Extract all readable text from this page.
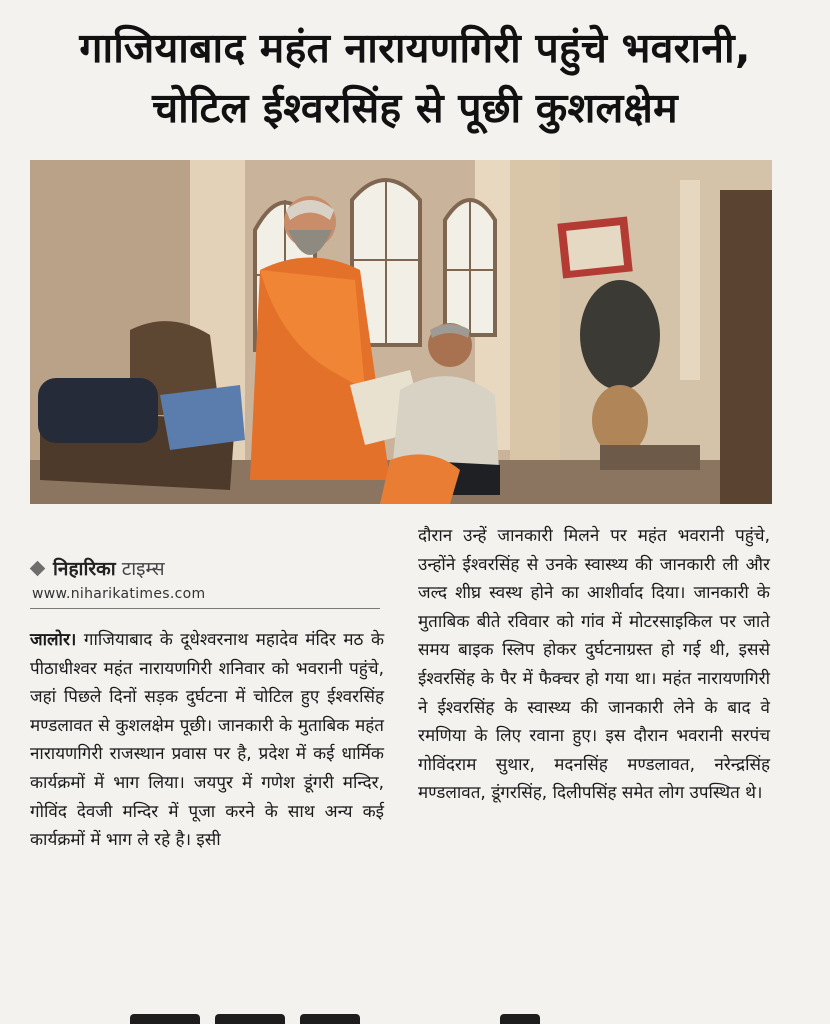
गाजियाबाद महंत नारायणगिरी पहुंचे भवरानी,
चोटिल ईश्वरसिंह से पूछी कुशलक्षेम
निहारिका टाइम्स
www.niharikatimes.com
जालोर। गाजियाबाद के दूधेश्वरनाथ महादेव मंदिर मठ के पीठाधीश्वर महंत नारायणगिरी शनिवार को भवरानी पहुंचे, जहां पिछले दिनों सड़क दुर्घटना में चोटिल हुए ईश्वरसिंह मण्डलावत से कुशलक्षेम पूछी। जानकारी के मुताबिक महंत नारायणगिरी राजस्थान प्रवास पर है, प्रदेश में कई धार्मिक कार्यक्रमों में भाग लिया। जयपुर में गणेश डूंगरी मन्दिर, गोविंद देवजी मन्दिर में पूजा करने के साथ अन्य कई कार्यक्रमों में भाग ले रहे है। इसी
दौरान उन्हें जानकारी मिलने पर महंत भवरानी पहुंचे, उन्होंने ईश्वरसिंह से उनके स्वास्थ्य की जानकारी ली और जल्द शीघ्र स्वस्थ होने का आशीर्वाद दिया। जानकारी के मुताबिक बीते रविवार को गांव में मोटरसाइकिल पर जाते समय बाइक स्लिप होकर दुर्घटनाग्रस्त हो गई थी, इससे ईश्वरसिंह के पैर में फैक्चर हो गया था। महंत नारायणगिरी ने ईश्वरसिंह के स्वास्थ्य की जानकारी लेने के बाद वे रमणिया के लिए रवाना हुए। इस दौरान भवरानी सरपंच गोविंदराम सुथार, मदनसिंह मण्डलावत, नरेन्द्रसिंह मण्डलावत, डूंगरसिंह, दिलीपसिंह समेत लोग उपस्थित थे।
